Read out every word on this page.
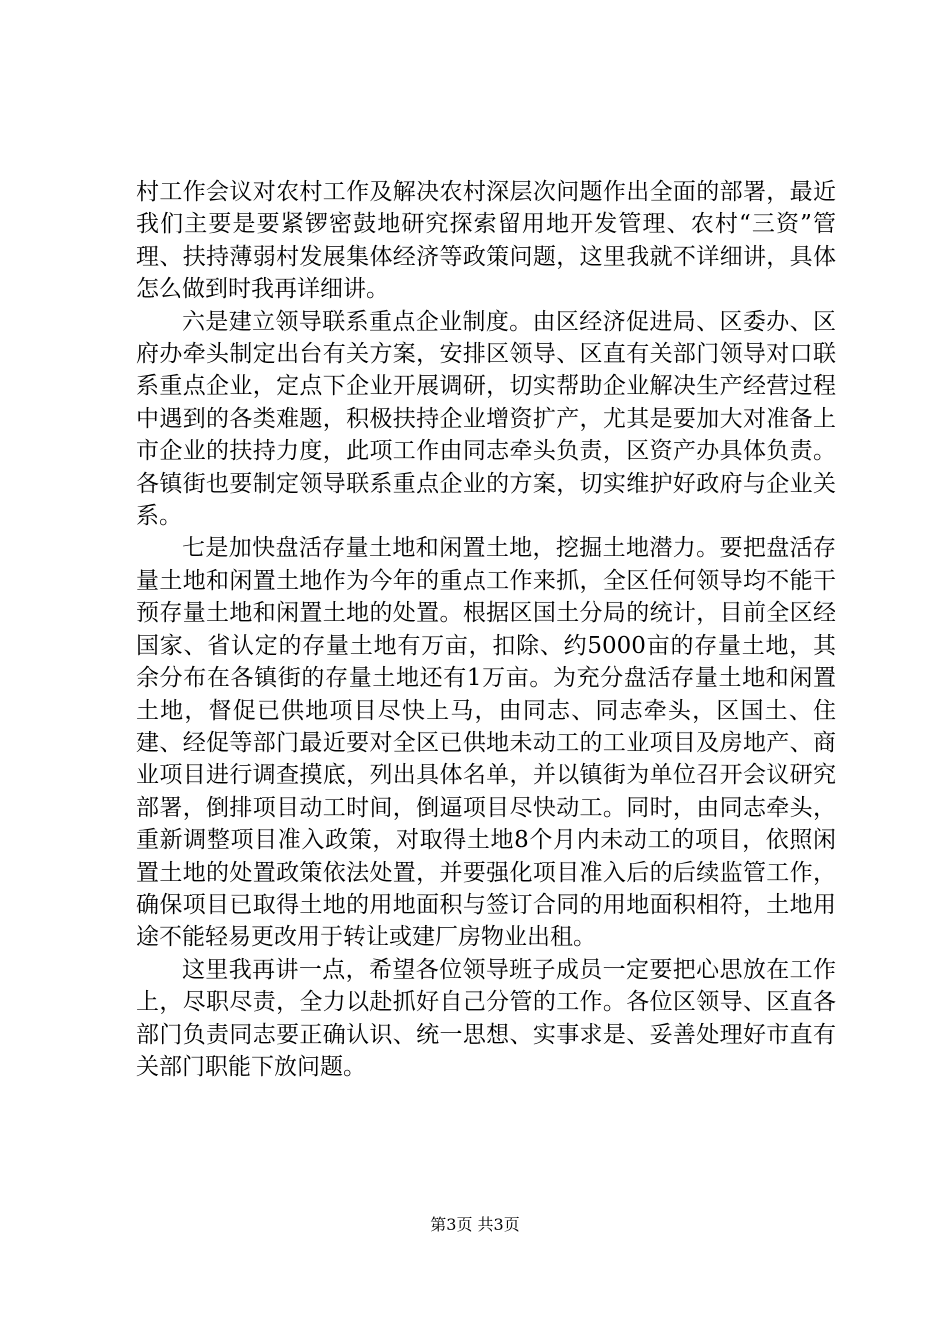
村工作会议对农村工作及解决农村深层次问题作出全面的部署，最近我们主要是要紧锣密鼓地研究探索留用地开发管理、农村“三资”管理、扶持薄弱村发展集体经济等政策问题，这里我就不详细讲，具体怎么做到时我再详细讲。

六是建立领导联系重点企业制度。由区经济促进局、区委办、区府办牵头制定出台有关方案，安排区领导、区直有关部门领导对口联系重点企业，定点下企业开展调研，切实帮助企业解决生产经营过程中遇到的各类难题，积极扶持企业增资扩产，尤其是要加大对准备上市企业的扶持力度，此项工作由同志牵头负责，区资产办具体负责。各镇街也要制定领导联系重点企业的方案，切实维护好政府与企业关系。

七是加快盘活存量土地和闲置土地，挖掘土地潜力。要把盘活存量土地和闲置土地作为今年的重点工作来抓，全区任何领导均不能干预存量土地和闲置土地的处置。根据区国土分局的统计，目前全区经国家、省认定的存量土地有万亩，扣除、约5000亩的存量土地，其余分布在各镇街的存量土地还有1万亩。为充分盘活存量土地和闲置土地，督促已供地项目尽快上马，由同志、同志牵头，区国土、住建、经促等部门最近要对全区已供地未动工的工业项目及房地产、商业项目进行调查摸底，列出具体名单，并以镇街为单位召开会议研究部署，倒排项目动工时间，倒逼项目尽快动工。同时，由同志牵头，重新调整项目准入政策，对取得土地8个月内未动工的项目，依照闲置土地的处置政策依法处置，并要强化项目准入后的后续监管工作，确保项目已取得土地的用地面积与签订合同的用地面积相符，土地用途不能轻易更改用于转让或建厂房物业出租。

这里我再讲一点，希望各位领导班子成员一定要把心思放在工作上，尽职尽责，全力以赴抓好自己分管的工作。各位区领导、区直各部门负责同志要正确认识、统一思想、实事求是、妥善处理好市直有关部门职能下放问题。

第3页 共3页
